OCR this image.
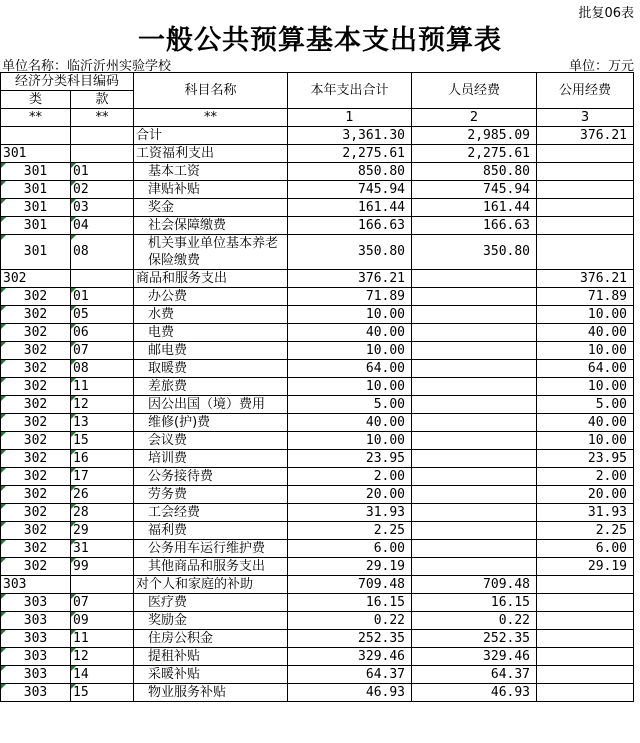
批复06表
一般公共预算基本支出预算表
单位名称：临沂沂州实验学校	单位：万元
经济分类科目编码		科目名称	本年支出合计	人员经费	公用经费
类	款				
**	**	**	1	2	3
		合计	3,361.30	2,985.09	376.21
301		工资福利支出	2,275.61	2,275.61	
301	01	基本工资	850.80	850.80	
301	02	津贴补贴	745.94	745.94	
301	03	奖金	161.44	161.44	
301	04	社会保障缴费	166.63	166.63	
301	08	机关事业单位基本养老保险缴费	350.80	350.80	
302		商品和服务支出	376.21		376.21
302	01	办公费	71.89		71.89
302	05	水费	10.00		10.00
302	06	电费	40.00		40.00
302	07	邮电费	10.00		10.00
302	08	取暖费	64.00		64.00
302	11	差旅费	10.00		10.00
302	12	因公出国（境）费用	5.00		5.00
302	13	维修(护)费	40.00		40.00
302	15	会议费	10.00		10.00
302	16	培训费	23.95		23.95
302	17	公务接待费	2.00		2.00
302	26	劳务费	20.00		20.00
302	28	工会经费	31.93		31.93
302	29	福利费	2.25		2.25
302	31	公务用车运行维护费	6.00		6.00
302	99	其他商品和服务支出	29.19		29.19
303		对个人和家庭的补助	709.48	709.48	
303	07	医疗费	16.15	16.15	
303	09	奖励金	0.22	0.22	
303	11	住房公积金	252.35	252.35	
303	12	提租补贴	329.46	329.46	
303	14	采暖补贴	64.37	64.37	
303	15	物业服务补贴	46.93	46.93	
